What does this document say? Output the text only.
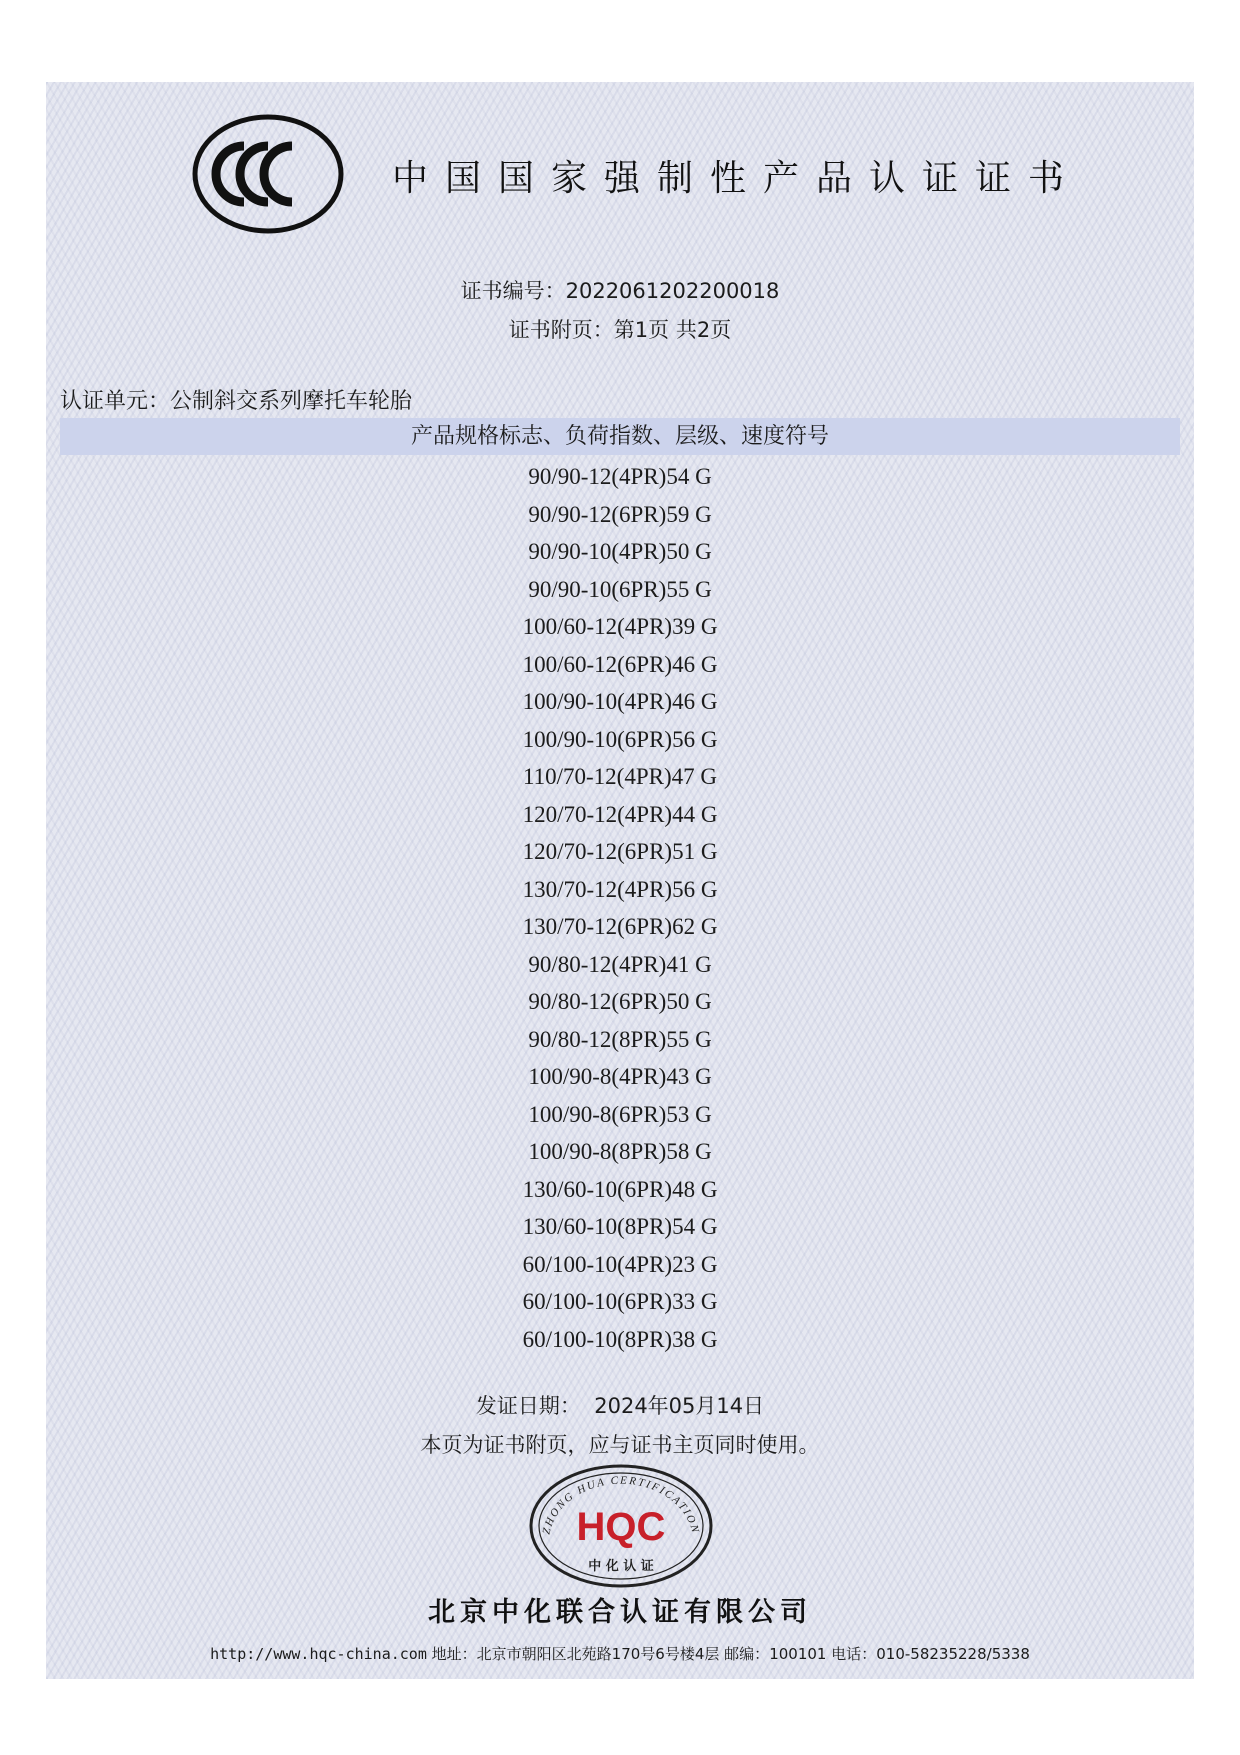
CCC
中国国家强制性产品认证证书
证书编号：2022061202200018
证书附页：第1页 共2页
认证单元：公制斜交系列摩托车轮胎
产品规格标志、负荷指数、层级、速度符号
90/90-12(4PR)54 G
90/90-12(6PR)59 G
90/90-10(4PR)50 G
90/90-10(6PR)55 G
100/60-12(4PR)39 G
100/60-12(6PR)46 G
100/90-10(4PR)46 G
100/90-10(6PR)56 G
110/70-12(4PR)47 G
120/70-12(4PR)44 G
120/70-12(6PR)51 G
130/70-12(4PR)56 G
130/70-12(6PR)62 G
90/80-12(4PR)41 G
90/80-12(6PR)50 G
90/80-12(8PR)55 G
100/90-8(4PR)43 G
100/90-8(6PR)53 G
100/90-8(8PR)58 G
130/60-10(6PR)48 G
130/60-10(8PR)54 G
60/100-10(4PR)23 G
60/100-10(6PR)33 G
60/100-10(8PR)38 G
发证日期： 2024年05月14日
本页为证书附页，应与证书主页同时使用。
ZHONG HUA CERTIFICATION
HQC
中 化 认 证
北京中化联合认证有限公司
http://www.hqc-china.com 地址：北京市朝阳区北苑路170号6号楼4层 邮编：100101 电话：010-58235228/5338
